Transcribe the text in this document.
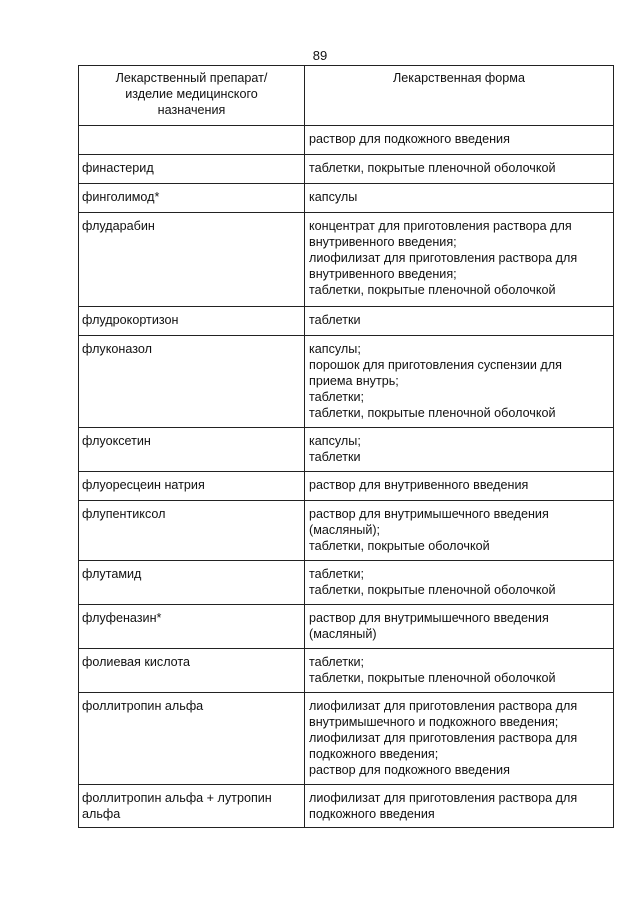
89
Лекарственный препарат/
изделие медицинского
назначения	Лекарственная форма

	раствор для подкожного введения

финастерид	таблетки, покрытые пленочной оболочкой

финголимод*	капсулы

флударабин	концентрат для приготовления раствора для
внутривенного введения;
лиофилизат для приготовления раствора для
внутривенного введения;
таблетки, покрытые пленочной оболочкой

флудрокортизон	таблетки

флуконазол	капсулы;
порошок для приготовления суспензии для
приема внутрь;
таблетки;
таблетки, покрытые пленочной оболочкой

флуоксетин	капсулы;
таблетки

флуоресцеин натрия	раствор для внутривенного введения

флупентиксол	раствор для внутримышечного введения
(масляный);
таблетки, покрытые оболочкой

флутамид	таблетки;
таблетки, покрытые пленочной оболочкой

флуфеназин*	раствор для внутримышечного введения
(масляный)

фолиевая кислота	таблетки;
таблетки, покрытые пленочной оболочкой

фоллитропин альфа	лиофилизат для приготовления раствора для
внутримышечного и подкожного введения;
лиофилизат для приготовления раствора для
подкожного введения;
раствор для подкожного введения

фоллитропин альфа + лутропин
альфа	лиофилизат для приготовления раствора для
подкожного введения
